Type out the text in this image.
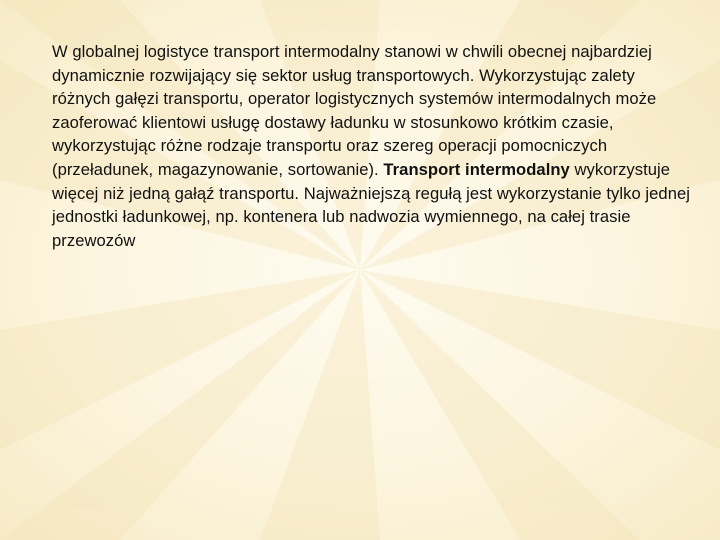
W globalnej logistyce transport intermodalny stanowi w chwili obecnej najbardziej dynamicznie rozwijający się sektor usług transportowych. Wykorzystując zalety różnych gałęzi transportu, operator logistycznych systemów intermodalnych może zaoferować klientowi usługę dostawy ładunku w stosunkowo krótkim czasie, wykorzystując różne rodzaje transportu oraz szereg operacji pomocniczych (przeładunek, magazynowanie, sortowanie). Transport intermodalny wykorzystuje więcej niż jedną gałąź transportu. Najważniejszą regułą jest wykorzystanie tylko jednej jednostki ładunkowej, np. kontenera lub nadwozia wymiennego, na całej trasie przewozów
